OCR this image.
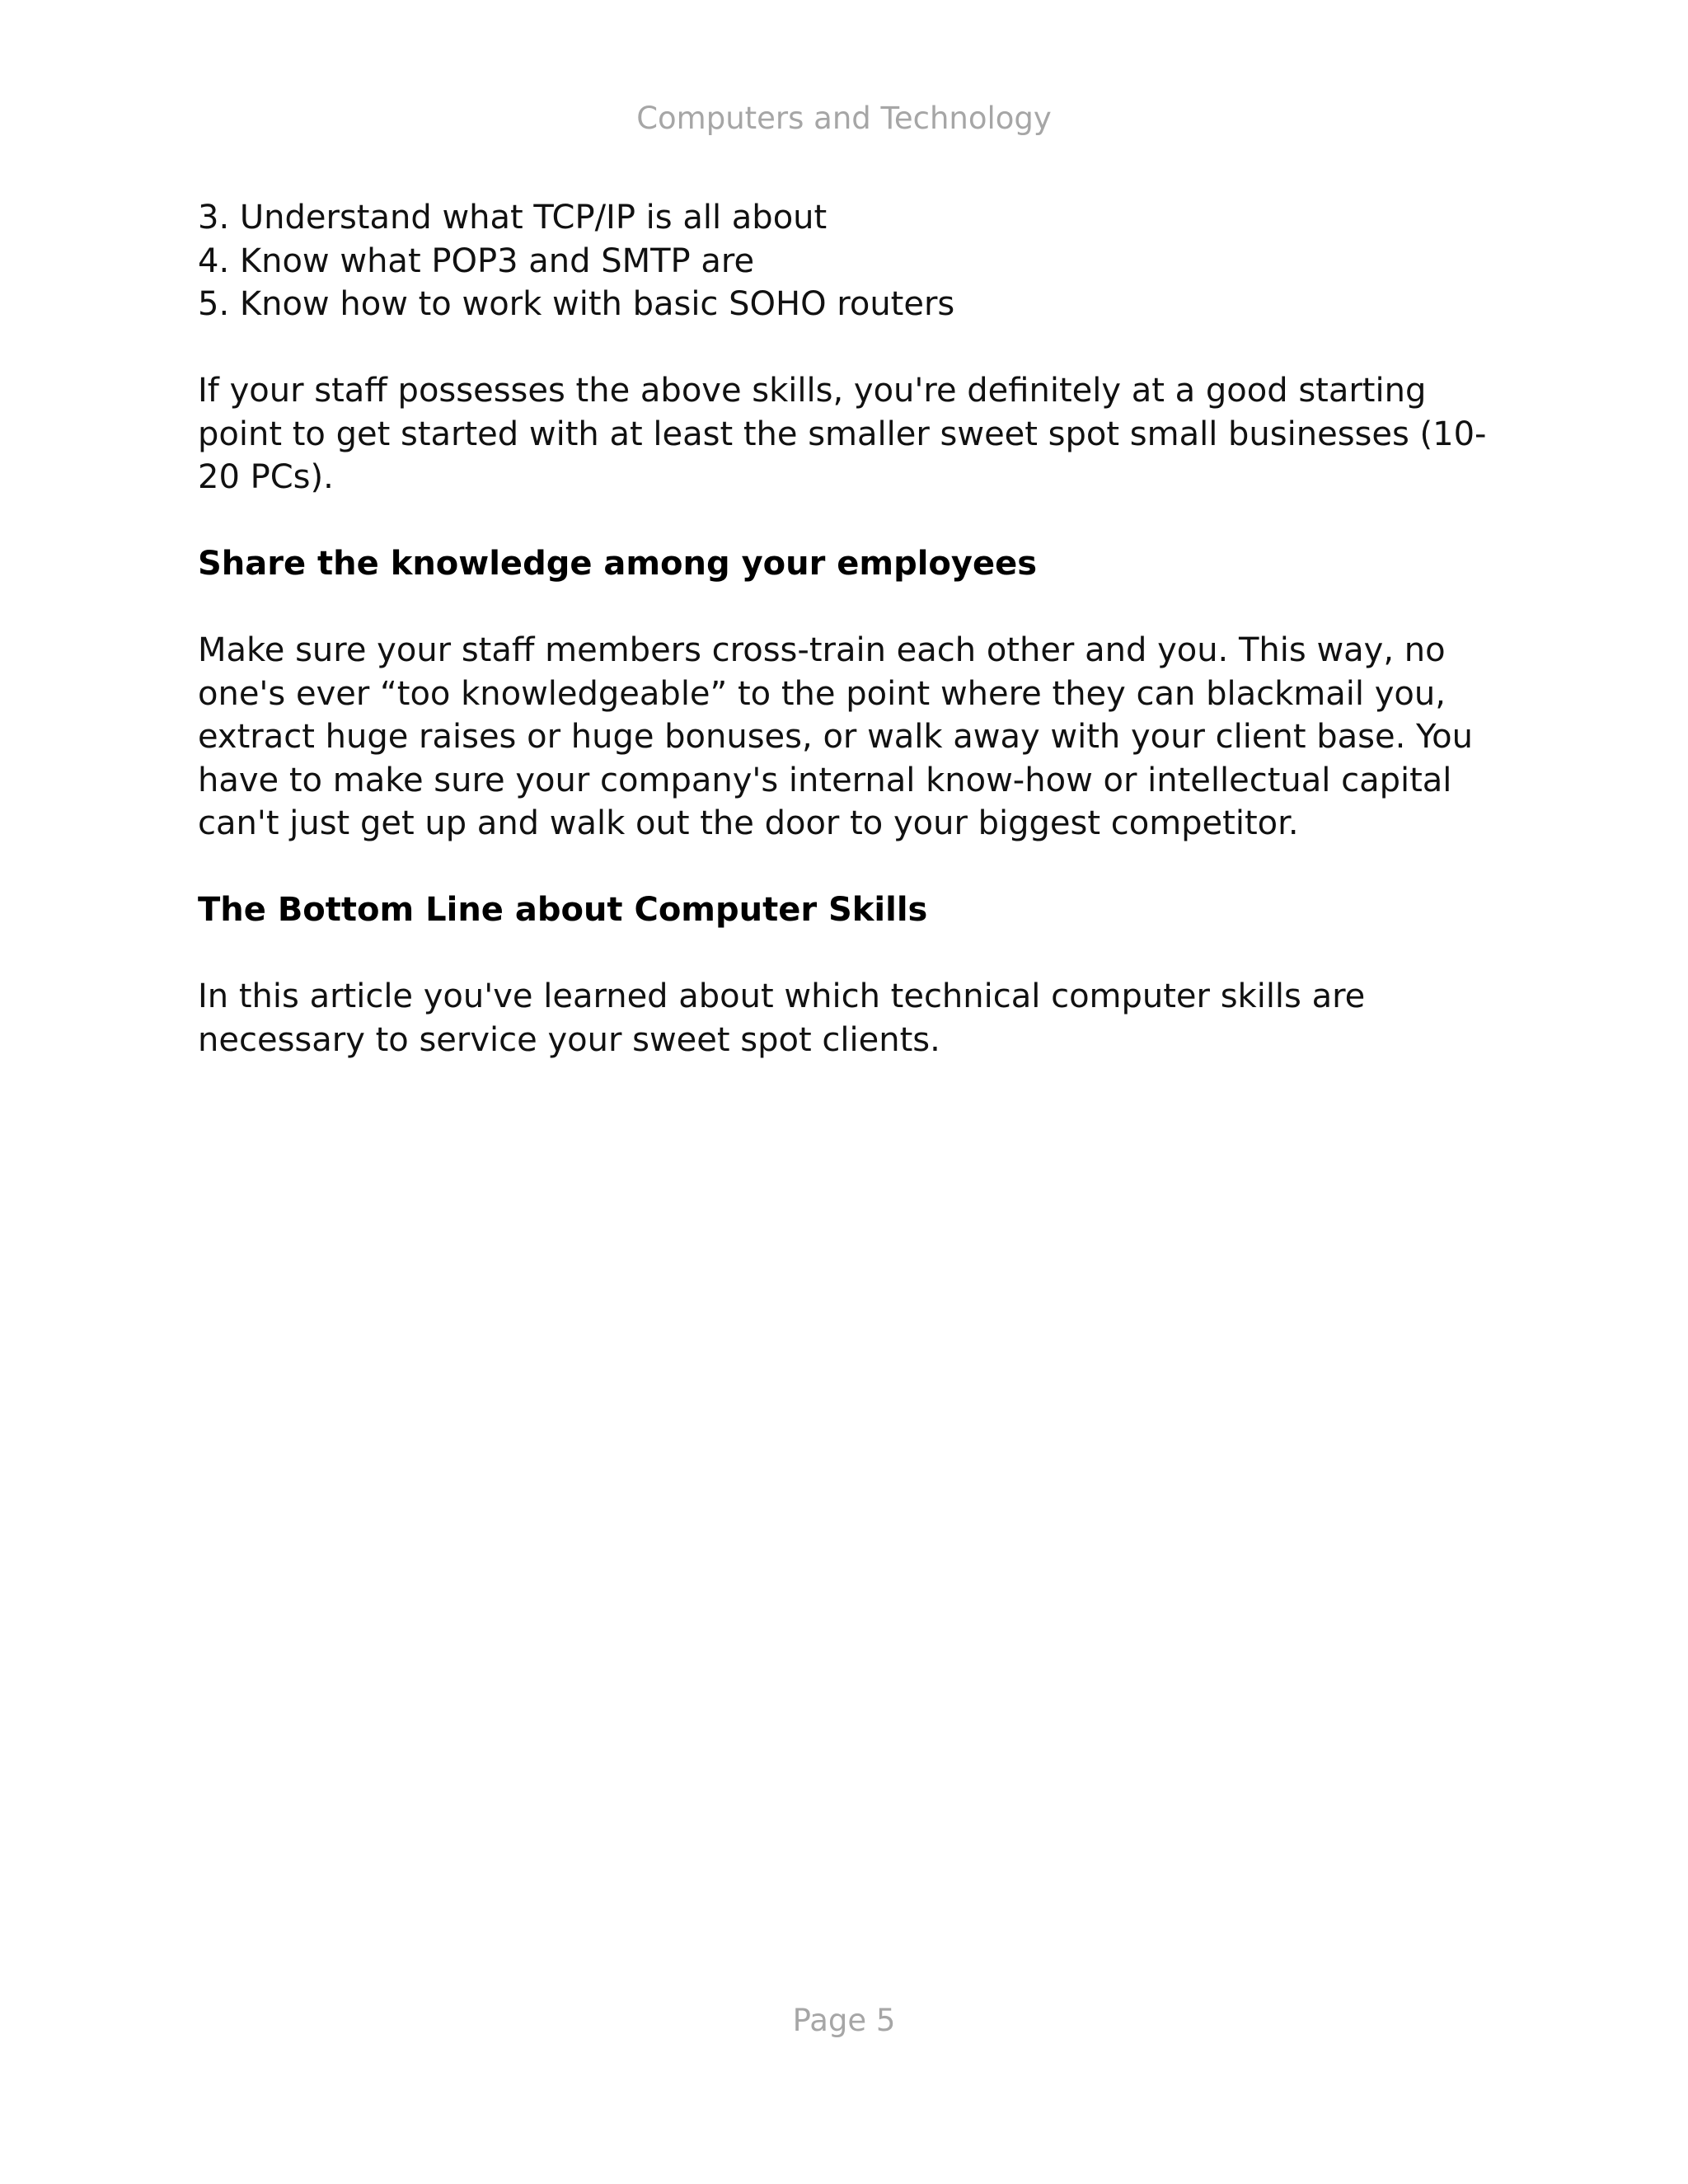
Computers and Technology
3. Understand what TCP/IP is all about
4. Know what POP3 and SMTP are
5. Know how to work with basic SOHO routers

If your staff possesses the above skills, you're definitely at a good starting point to get started with at least the smaller sweet spot small businesses (10-20 PCs).

Share the knowledge among your employees

Make sure your staff members cross-train each other and you. This way, no one's ever “too knowledgeable” to the point where they can blackmail you, extract huge raises or huge bonuses, or walk away with your client base. You have to make sure your company's internal know-how or intellectual capital can't just get up and walk out the door to your biggest competitor.

The Bottom Line about Computer Skills

In this article you've learned about which technical computer skills are necessary to service your sweet spot clients.

Page 5
